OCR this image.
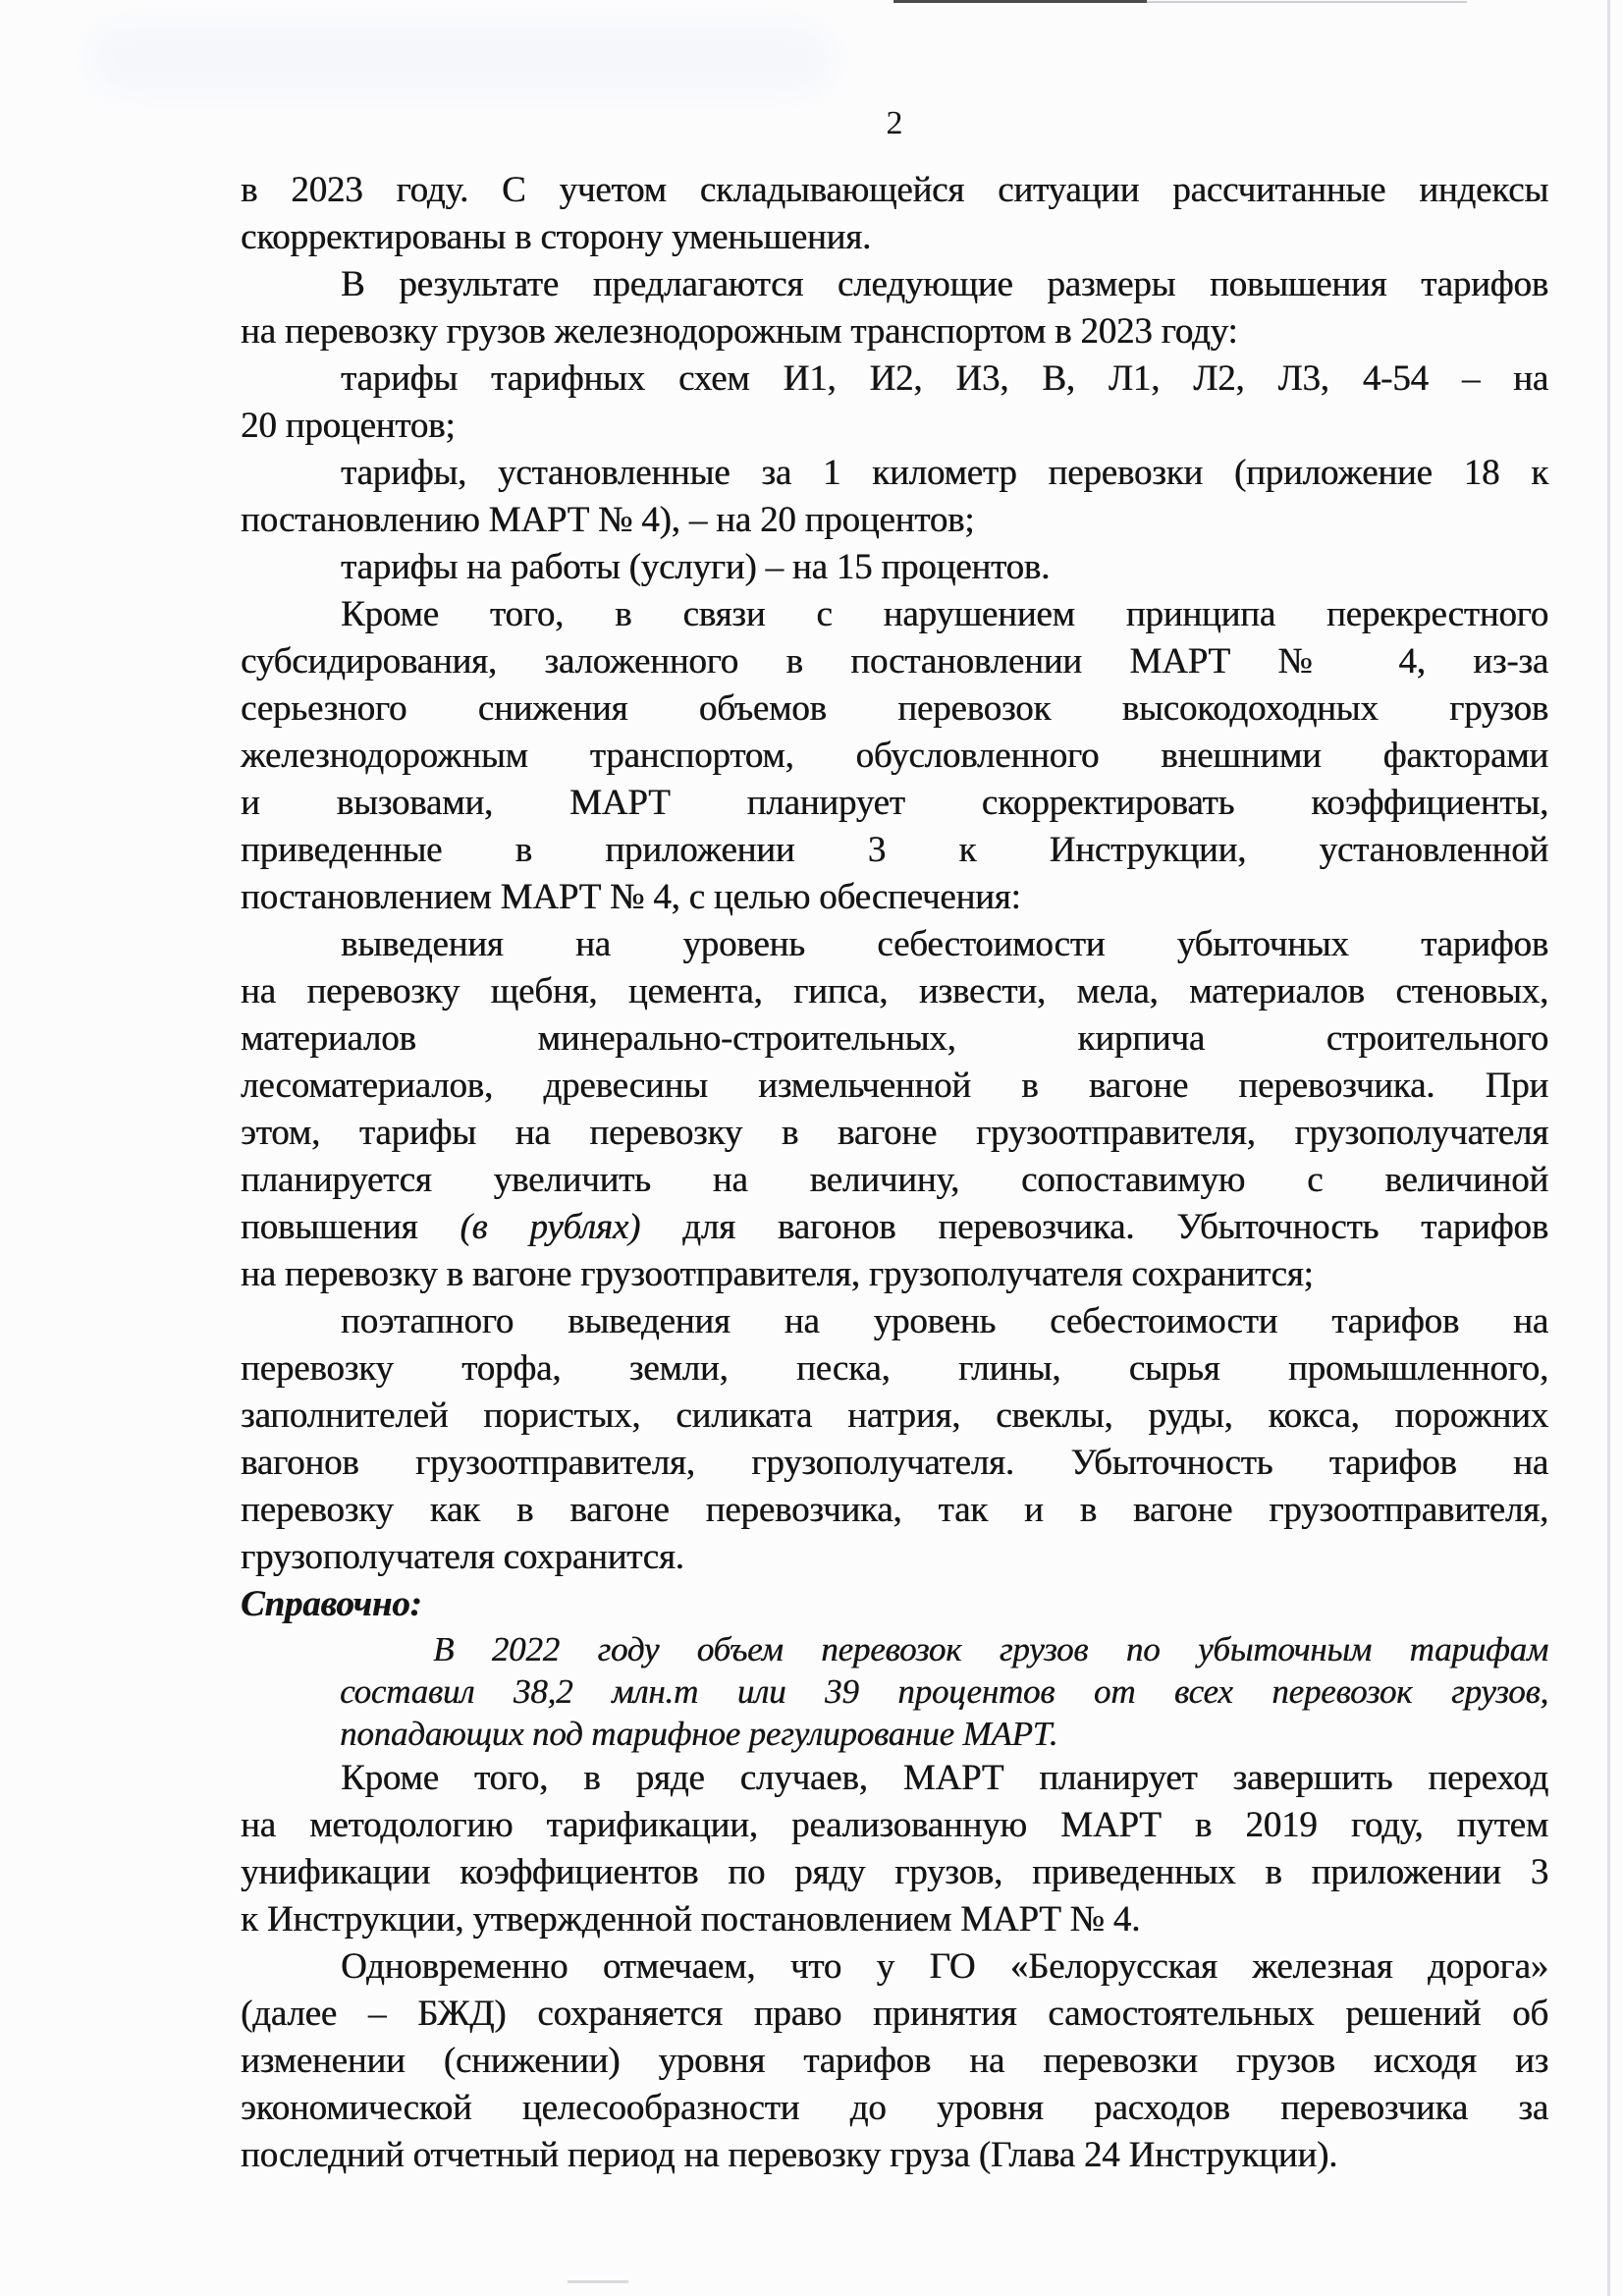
2
в 2023 году. С учетом складывающейся ситуации рассчитанные индексы
скорректированы в сторону уменьшения.
В результате предлагаются следующие размеры повышения тарифов
на перевозку грузов железнодорожным транспортом в 2023 году:
тарифы тарифных схем И1, И2, И3, В, Л1, Л2, Л3, 4-54 – на
20 процентов;
тарифы, установленные за 1 километр перевозки (приложение 18 к
постановлению МАРТ № 4), – на 20 процентов;
тарифы на работы (услуги) – на 15 процентов.
Кроме того, в связи с нарушением принципа перекрестного
субсидирования, заложенного в постановлении МАРТ № 4, из-за
серьезного снижения объемов перевозок высокодоходных грузов
железнодорожным транспортом, обусловленного внешними факторами
и вызовами, МАРТ планирует скорректировать коэффициенты,
приведенные в приложении 3 к Инструкции, установленной
постановлением МАРТ № 4, с целью обеспечения:
выведения на уровень себестоимости убыточных тарифов
на перевозку щебня, цемента, гипса, извести, мела, материалов стеновых,
материалов минерально-строительных, кирпича строительного
лесоматериалов, древесины измельченной в вагоне перевозчика. При
этом, тарифы на перевозку в вагоне грузоотправителя, грузополучателя
планируется увеличить на величину, сопоставимую с величиной
повышения (в рублях) для вагонов перевозчика. Убыточность тарифов
на перевозку в вагоне грузоотправителя, грузополучателя сохранится;
поэтапного выведения на уровень себестоимости тарифов на
перевозку торфа, земли, песка, глины, сырья промышленного,
заполнителей пористых, силиката натрия, свеклы, руды, кокса, порожних
вагонов грузоотправителя, грузополучателя. Убыточность тарифов на
перевозку как в вагоне перевозчика, так и в вагоне грузоотправителя,
грузополучателя сохранится.
Справочно:
В 2022 году объем перевозок грузов по убыточным тарифам
составил 38,2 млн.т или 39 процентов от всех перевозок грузов,
попадающих под тарифное регулирование МАРТ.
Кроме того, в ряде случаев, МАРТ планирует завершить переход
на методологию тарификации, реализованную МАРТ в 2019 году, путем
унификации коэффициентов по ряду грузов, приведенных в приложении 3
к Инструкции, утвержденной постановлением МАРТ № 4.
Одновременно отмечаем, что у ГО «Белорусская железная дорога»
(далее – БЖД) сохраняется право принятия самостоятельных решений об
изменении (снижении) уровня тарифов на перевозки грузов исходя из
экономической целесообразности до уровня расходов перевозчика за
последний отчетный период на перевозку груза (Глава 24 Инструкции).
